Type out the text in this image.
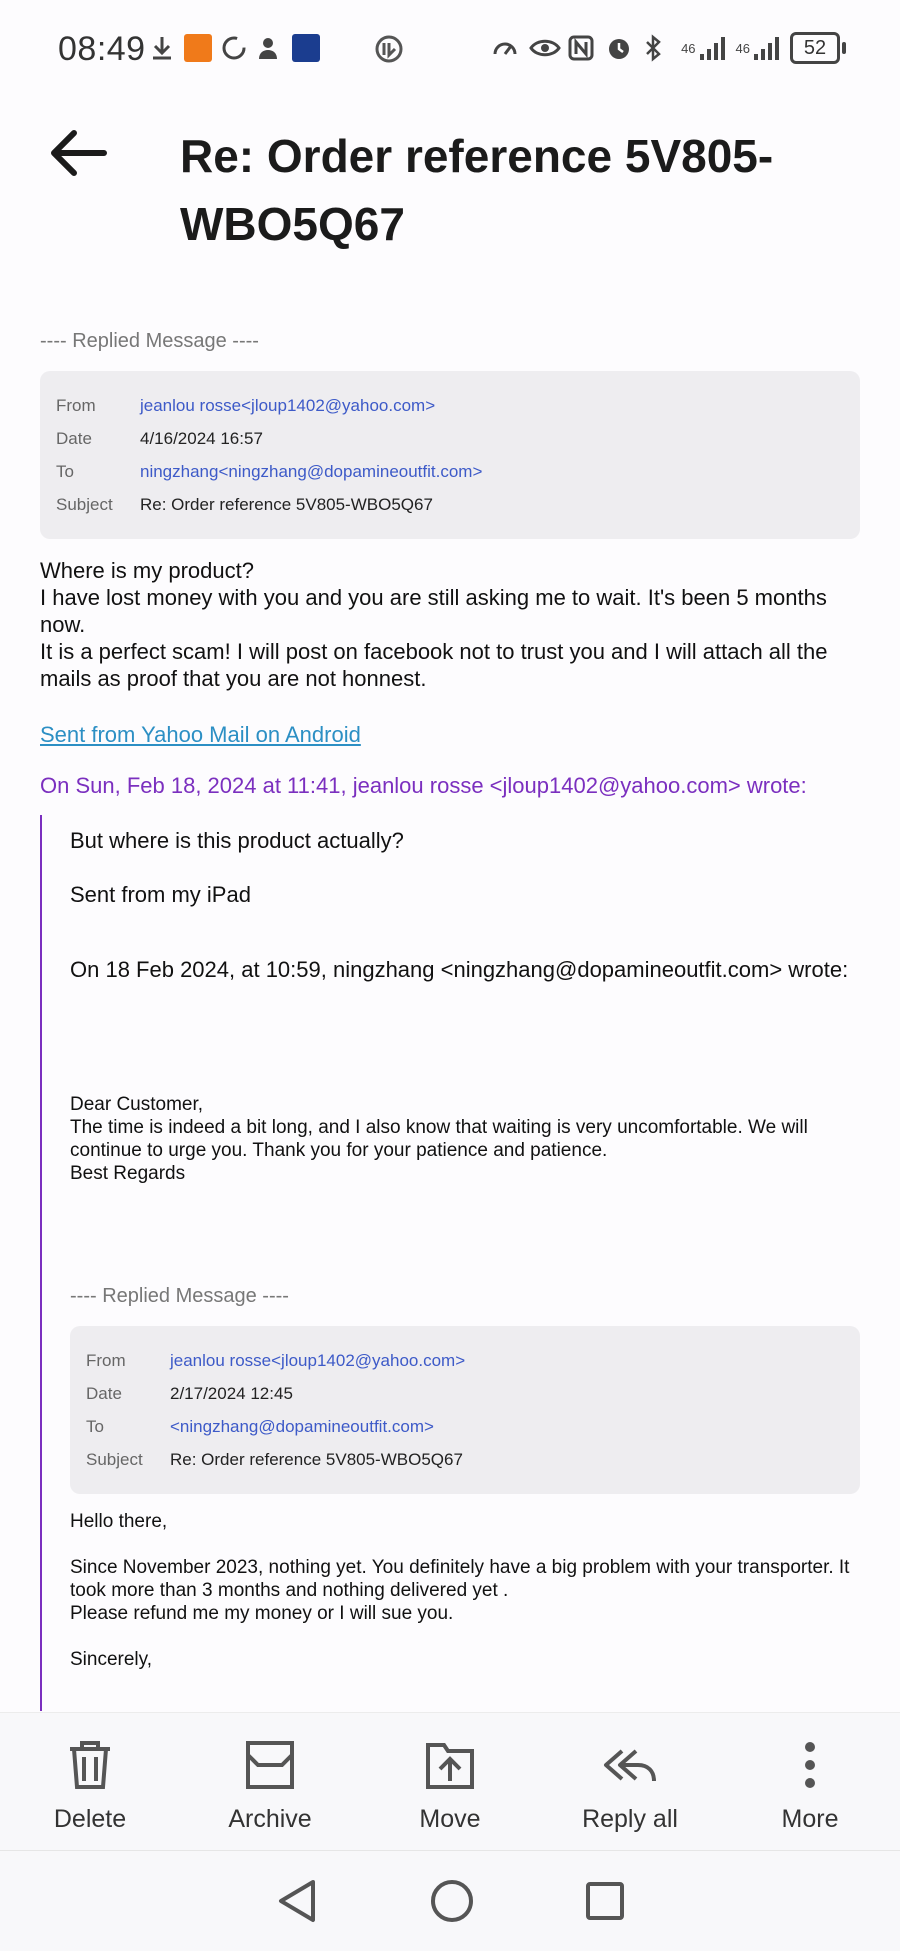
08:49	46	46	52
Re: Order reference 5V805-WBO5Q67
---- Replied Message ----
From	jeanlou rosse<jloup1402@yahoo.com>
Date	4/16/2024 16:57
To	ningzhang<ningzhang@dopamineoutfit.com>
Subject	Re: Order reference 5V805-WBO5Q67
Where is my product?
I have lost money with you and you are still asking me to wait. It's been 5 months now.
It is a perfect scam! I will post on facebook not to trust you and I will attach all the mails as proof that you are not honnest.
Sent from Yahoo Mail on Android
On Sun, Feb 18, 2024 at 11:41, jeanlou rosse <jloup1402@yahoo.com> wrote:
But where is this product actually?
Sent from my iPad
On 18 Feb 2024, at 10:59, ningzhang <ningzhang@dopamineoutfit.com> wrote:
Dear Customer,
The time is indeed a bit long, and I also know that waiting is very uncomfortable. We will continue to urge you. Thank you for your patience and patience.
Best Regards
---- Replied Message ----
From	jeanlou rosse<jloup1402@yahoo.com>
Date	2/17/2024 12:45
To	<ningzhang@dopamineoutfit.com>
Subject	Re: Order reference 5V805-WBO5Q67
Hello there,
Since November 2023, nothing yet. You definitely have a big problem with your transporter. It took more than 3 months and nothing delivered yet .
Please refund me my money or I will sue you.
Sincerely,
Delete	Archive	Move	Reply all	More
